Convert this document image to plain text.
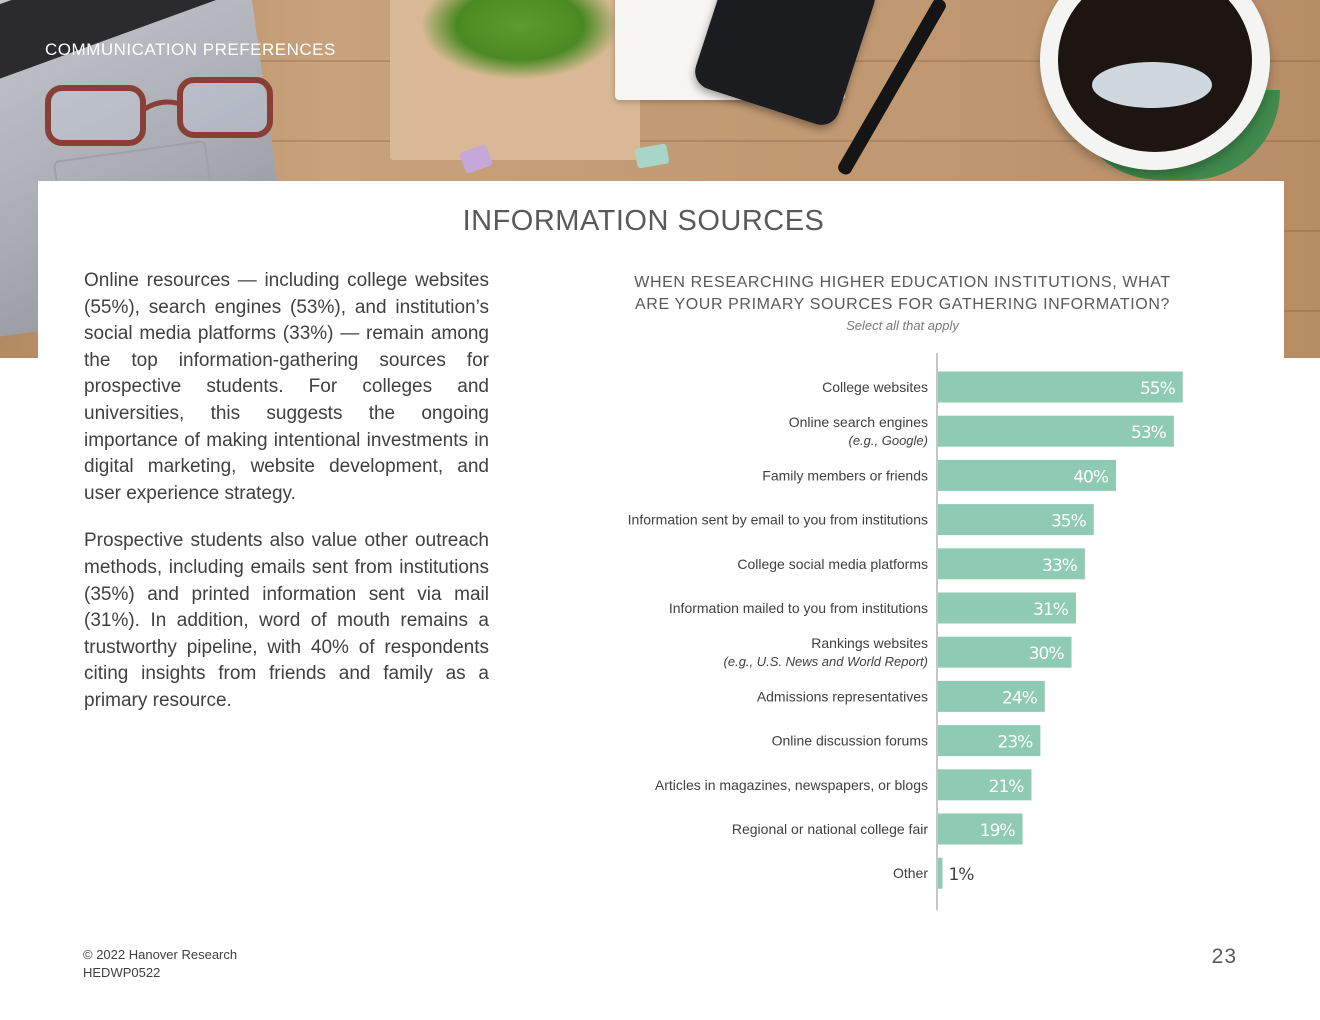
COMMUNICATION PREFERENCES

INFORMATION SOURCES

Online resources — including college websites (55%), search engines (53%), and institution’s social media platforms (33%) — remain among the top information-gathering sources for prospective students. For colleges and universities, this suggests the ongoing importance of making intentional investments in digital marketing, website development, and user experience strategy.

Prospective students also value other outreach methods, including emails sent from institutions (35%) and printed information sent via mail (31%). In addition, word of mouth remains a trustworthy pipeline, with 40% of respondents citing insights from friends and family as a primary resource.

WHEN RESEARCHING HIGHER EDUCATION INSTITUTIONS, WHAT ARE YOUR PRIMARY SOURCES FOR GATHERING INFORMATION?

Select all that apply

55%
College websites
53%
Online search engines
(e.g., Google)
40%
Family members or friends
35%
Information sent by email to you from institutions
33%
College social media platforms
31%
Information mailed to you from institutions
30%
Rankings websites
(e.g., U.S. News and World Report)
24%
Admissions representatives
23%
Online discussion forums
21%
Articles in magazines, newspapers, or blogs
19%
Regional or national college fair
1%
Other
© 2022 Hanover Research
HEDWP0522
23
